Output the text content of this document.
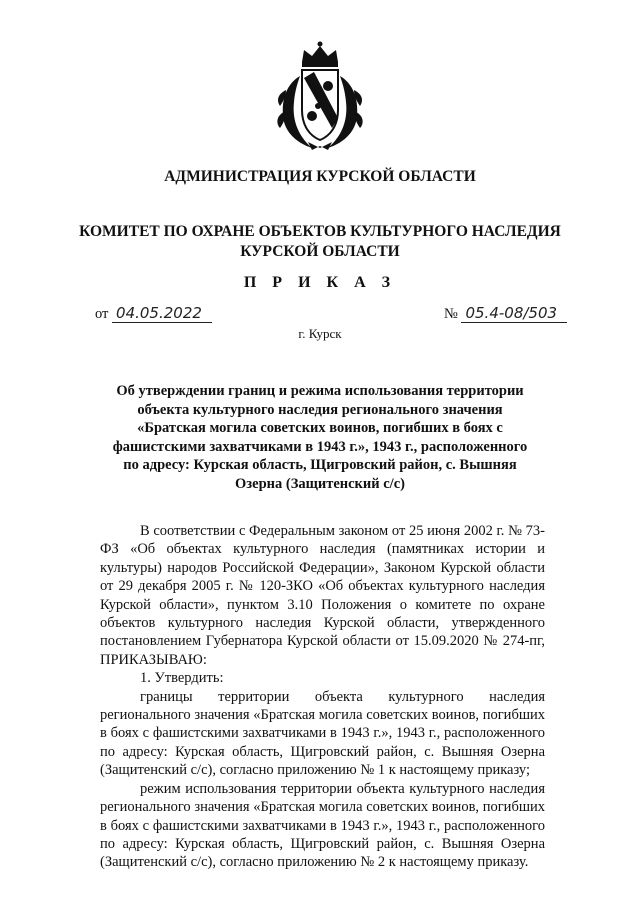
АДМИНИСТРАЦИЯ КУРСКОЙ ОБЛАСТИ
КОМИТЕТ ПО ОХРАНЕ ОБЪЕКТОВ КУЛЬТУРНОГО НАСЛЕДИЯ
КУРСКОЙ ОБЛАСТИ
П Р И К А З
от 04.05.2022	№ 05.4-08/503
г. Курск
Об утверждении границ и режима использования территории объекта культурного наследия регионального значения «Братская могила советских воинов, погибших в боях с фашистскими захватчиками в 1943 г.», 1943 г., расположенного по адресу: Курская область, Щигровский район, с. Вышняя Озерна (Защитенский с/с)

В соответствии с Федеральным законом от 25 июня 2002 г. № 73-ФЗ «Об объектах культурного наследия (памятниках истории и культуры) народов Российской Федерации», Законом Курской области от 29 декабря 2005 г. № 120-ЗКО «Об объектах культурного наследия Курской области», пунктом 3.10 Положения о комитете по охране объектов культурного наследия Курской области, утвержденного постановлением Губернатора Курской области от 15.09.2020 № 274-пг, ПРИКАЗЫВАЮ:

1. Утвердить:

границы территории объекта культурного наследия регионального значения «Братская могила советских воинов, погибших в боях с фашистскими захватчиками в 1943 г.», 1943 г., расположенного по адресу: Курская область, Щигровский район, с. Вышняя Озерна (Защитенский с/с), согласно приложению № 1 к настоящему приказу;

режим использования территории объекта культурного наследия регионального значения «Братская могила советских воинов, погибших в боях с фашистскими захватчиками в 1943 г.», 1943 г., расположенного по адресу: Курская область, Щигровский район, с. Вышняя Озерна (Защитенский с/с), согласно приложению № 2 к настоящему приказу.
